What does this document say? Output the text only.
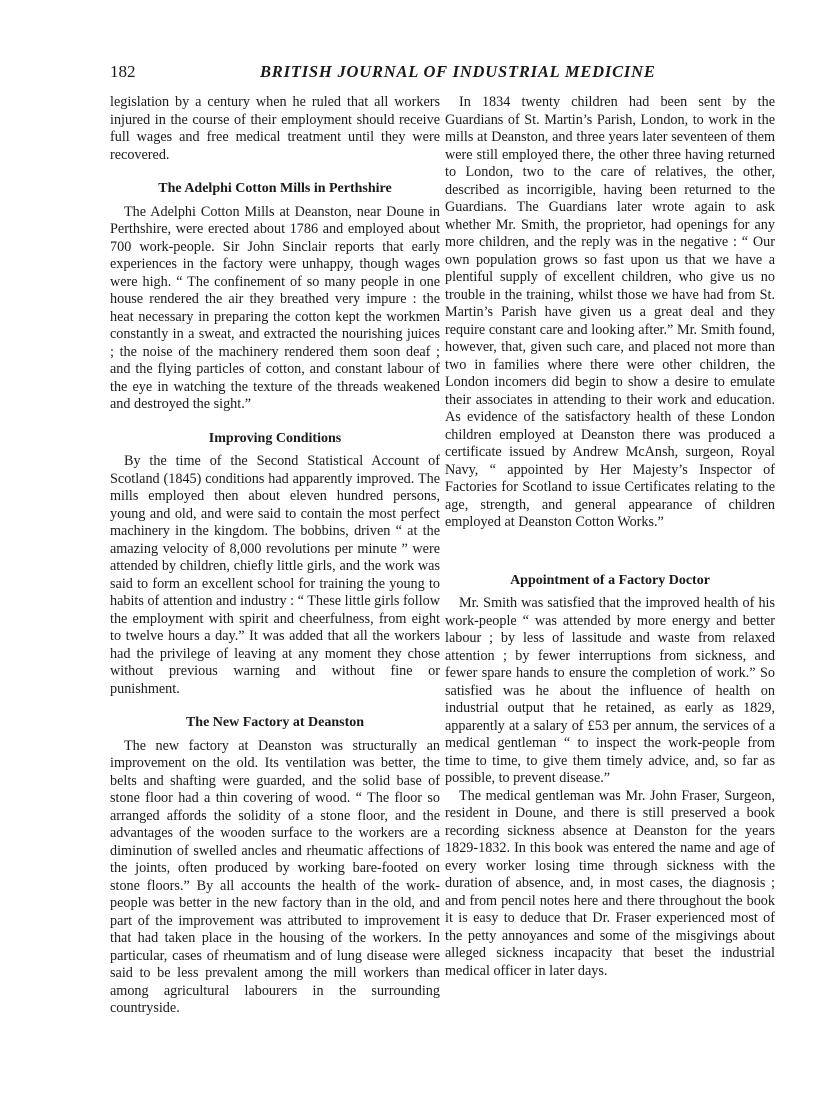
182	BRITISH JOURNAL OF INDUSTRIAL MEDICINE

legislation by a century when he ruled that all workers injured in the course of their employment should receive full wages and free medical treatment until they were recovered.

The Adelphi Cotton Mills in Perthshire

The Adelphi Cotton Mills at Deanston, near Doune in Perthshire, were erected about 1786 and employed about 700 work-people. Sir John Sinclair reports that early experiences in the factory were unhappy, though wages were high. “ The confinement of so many people in one house rendered the air they breathed very impure : the heat necessary in preparing the cotton kept the workmen constantly in a sweat, and extracted the nourishing juices ; the noise of the machinery rendered them soon deaf ; and the flying particles of cotton, and constant labour of the eye in watching the texture of the threads weakened and destroyed the sight.”

Improving Conditions

By the time of the Second Statistical Account of Scotland (1845) conditions had apparently improved. The mills employed then about eleven hundred persons, young and old, and were said to contain the most perfect machinery in the kingdom. The bobbins, driven “ at the amazing velocity of 8,000 revolutions per minute ” were attended by children, chiefly little girls, and the work was said to form an excellent school for training the young to habits of attention and industry : “ These little girls follow the employment with spirit and cheerfulness, from eight to twelve hours a day.” It was added that all the workers had the privilege of leaving at any moment they chose without previous warning and without fine or punishment.

The New Factory at Deanston

The new factory at Deanston was structurally an improvement on the old. Its ventilation was better, the belts and shafting were guarded, and the solid base of stone floor had a thin covering of wood. “ The floor so arranged affords the solidity of a stone floor, and the advantages of the wooden surface to the workers are a diminution of swelled ancles and rheumatic affections of the joints, often produced by working bare-footed on stone floors.” By all accounts the health of the work-people was better in the new factory than in the old, and part of the improvement was attributed to improvement that had taken place in the housing of the workers. In particular, cases of rheumatism and of lung disease were said to be less prevalent among the mill workers than among agricultural labourers in the surrounding countryside.

In 1834 twenty children had been sent by the Guardians of St. Martin’s Parish, London, to work in the mills at Deanston, and three years later seventeen of them were still employed there, the other three having returned to London, two to the care of relatives, the other, described as incorrigible, having been returned to the Guardians. The Guardians later wrote again to ask whether Mr. Smith, the proprietor, had openings for any more children, and the reply was in the negative : “ Our own population grows so fast upon us that we have a plentiful supply of excellent children, who give us no trouble in the training, whilst those we have had from St. Martin’s Parish have given us a great deal and they require constant care and looking after.” Mr. Smith found, however, that, given such care, and placed not more than two in families where there were other children, the London incomers did begin to show a desire to emulate their associates in attending to their work and education. As evidence of the satisfactory health of these London children employed at Deanston there was produced a certificate issued by Andrew McAnsh, surgeon, Royal Navy, “ appointed by Her Majesty’s Inspector of Factories for Scotland to issue Certificates relating to the age, strength, and general appearance of children employed at Deanston Cotton Works.”

Appointment of a Factory Doctor

Mr. Smith was satisfied that the improved health of his work-people “ was attended by more energy and better labour ; by less of lassitude and waste from relaxed attention ; by fewer interruptions from sickness, and fewer spare hands to ensure the completion of work.” So satisfied was he about the influence of health on industrial output that he retained, as early as 1829, apparently at a salary of £53 per annum, the services of a medical gentleman “ to inspect the work-people from time to time, to give them timely advice, and, so far as possible, to prevent disease.”

The medical gentleman was Mr. John Fraser, Surgeon, resident in Doune, and there is still preserved a book recording sickness absence at Deanston for the years 1829-1832. In this book was entered the name and age of every worker losing time through sickness with the duration of absence, and, in most cases, the diagnosis ; and from pencil notes here and there throughout the book it is easy to deduce that Dr. Fraser experienced most of the petty annoyances and some of the misgivings about alleged sickness incapacity that beset the industrial medical officer in later days.
